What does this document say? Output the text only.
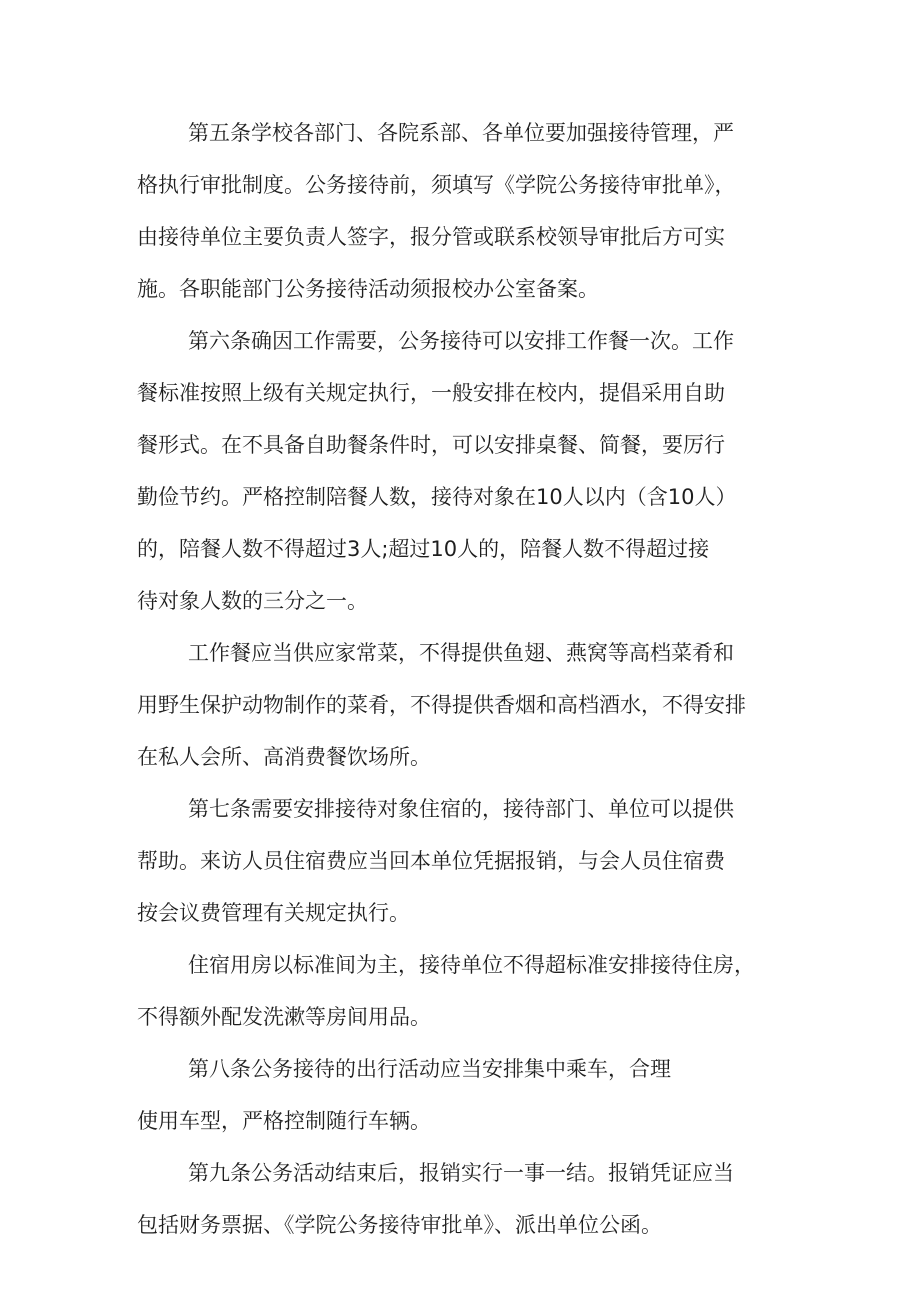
第五条学校各部门、各院系部、各单位要加强接待管理，严

格执行审批制度。公务接待前，须填写《学院公务接待审批单》，

由接待单位主要负责人签字，报分管或联系校领导审批后方可实

施。各职能部门公务接待活动须报校办公室备案。

第六条确因工作需要，公务接待可以安排工作餐一次。工作

餐标准按照上级有关规定执行，一般安排在校内，提倡采用自助

餐形式。在不具备自助餐条件时，可以安排桌餐、简餐，要厉行

勤俭节约。严格控制陪餐人数，接待对象在10人以内（含10人）

的，陪餐人数不得超过3人;超过10人的，陪餐人数不得超过接

待对象人数的三分之一。

工作餐应当供应家常菜，不得提供鱼翅、燕窝等高档菜肴和

用野生保护动物制作的菜肴，不得提供香烟和高档酒水，不得安排

在私人会所、高消费餐饮场所。

第七条需要安排接待对象住宿的，接待部门、单位可以提供

帮助。来访人员住宿费应当回本单位凭据报销，与会人员住宿费

按会议费管理有关规定执行。

住宿用房以标准间为主，接待单位不得超标准安排接待住房，

不得额外配发洗漱等房间用品。

第八条公务接待的出行活动应当安排集中乘车，合理

使用车型，严格控制随行车辆。

第九条公务活动结束后，报销实行一事一结。报销凭证应当

包括财务票据、《学院公务接待审批单》、派出单位公函。
